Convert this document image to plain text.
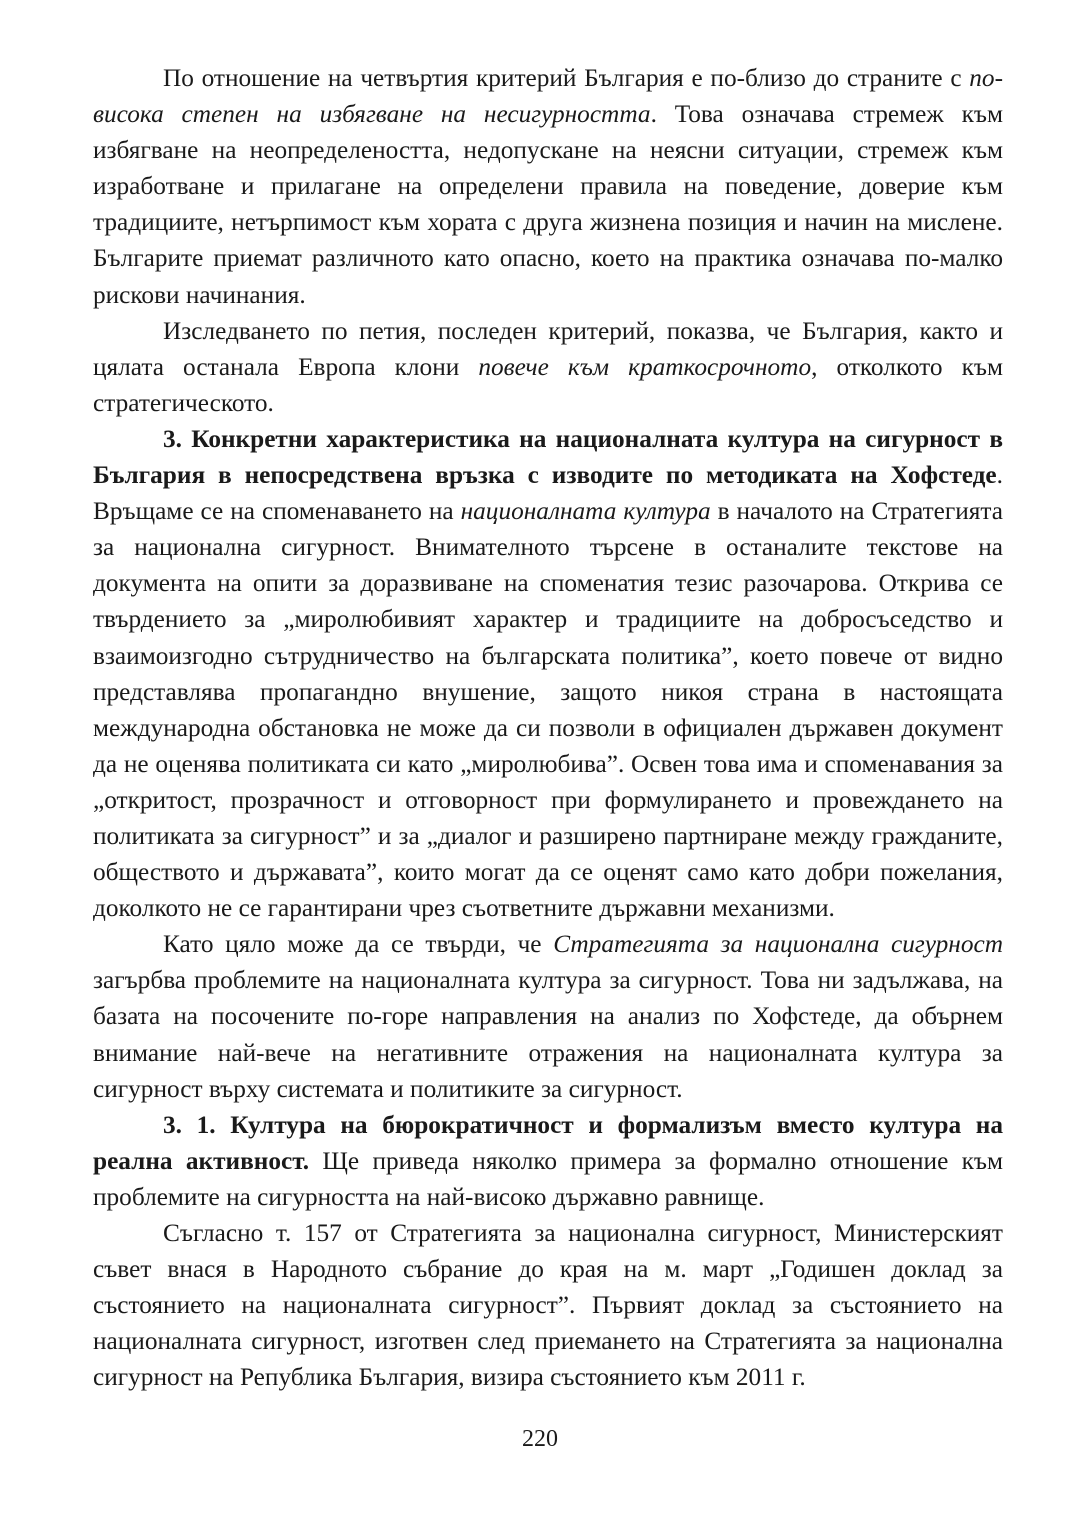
По отношение на четвъртия критерий България е по-близо до страните с по-висока степен на избягване на несигурността. Това означава стремеж към избягване на неопределеността, недопускане на неясни ситуации, стремеж към изработване и прилагане на определени правила на поведение, доверие към традициите, нетърпимост към хората с друга жизнена позиция и начин на мислене. Българите приемат различното като опасно, което на практика означава по-малко рискови начинания.

Изследването по петия, последен критерий, показва, че България, както и цялата останала Европа клони повече към краткосрочното, отколкото към стратегическото.

3. Конкретни характеристика на националната култура на сигурност в България в непосредствена връзка с изводите по методиката на Хофстеде. Връщаме се на споменаването на националната култура в началото на Стратегията за национална сигурност. Внимателното търсене в останалите текстове на документа на опити за доразвиване на споменатия тезис разочарова. Открива се твърдението за „миролюбивият характер и традициите на добросъседство и взаимоизгодно сътрудничество на българската политика”, което повече от видно представлява пропагандно внушение, защото никоя страна в настоящата международна обстановка не може да си позволи в официален държавен документ да не оценява политиката си като „миролюбива”. Освен това има и споменавания за „откритост, прозрачност и отговорност при формулирането и провеждането на политиката за сигурност” и за „диалог и разширено партниране между гражданите, обществото и държавата”, които могат да се оценят само като добри пожелания, доколкото не се гарантирани чрез съответните държавни механизми.

Като цяло може да се твърди, че Стратегията за национална сигурност загърбва проблемите на националната култура за сигурност. Това ни задължава, на базата на посочените по-горе направления на анализ по Хофстеде, да обърнем внимание най-вече на негативните отражения на националната култура за сигурност върху системата и политиките за сигурност.

3. 1. Култура на бюрократичност и формализъм вместо култура на реална активност. Ще приведа няколко примера за формално отношение към проблемите на сигурността на най-високо държавно равнище.

Съгласно т. 157 от Стратегията за национална сигурност, Министерският съвет внася в Народното събрание до края на м. март „Годишен доклад за състоянието на националната сигурност”. Първият доклад за състоянието на националната сигурност, изготвен след приемането на Стратегията за национална сигурност на Република България, визира състоянието към 2011 г.

220
